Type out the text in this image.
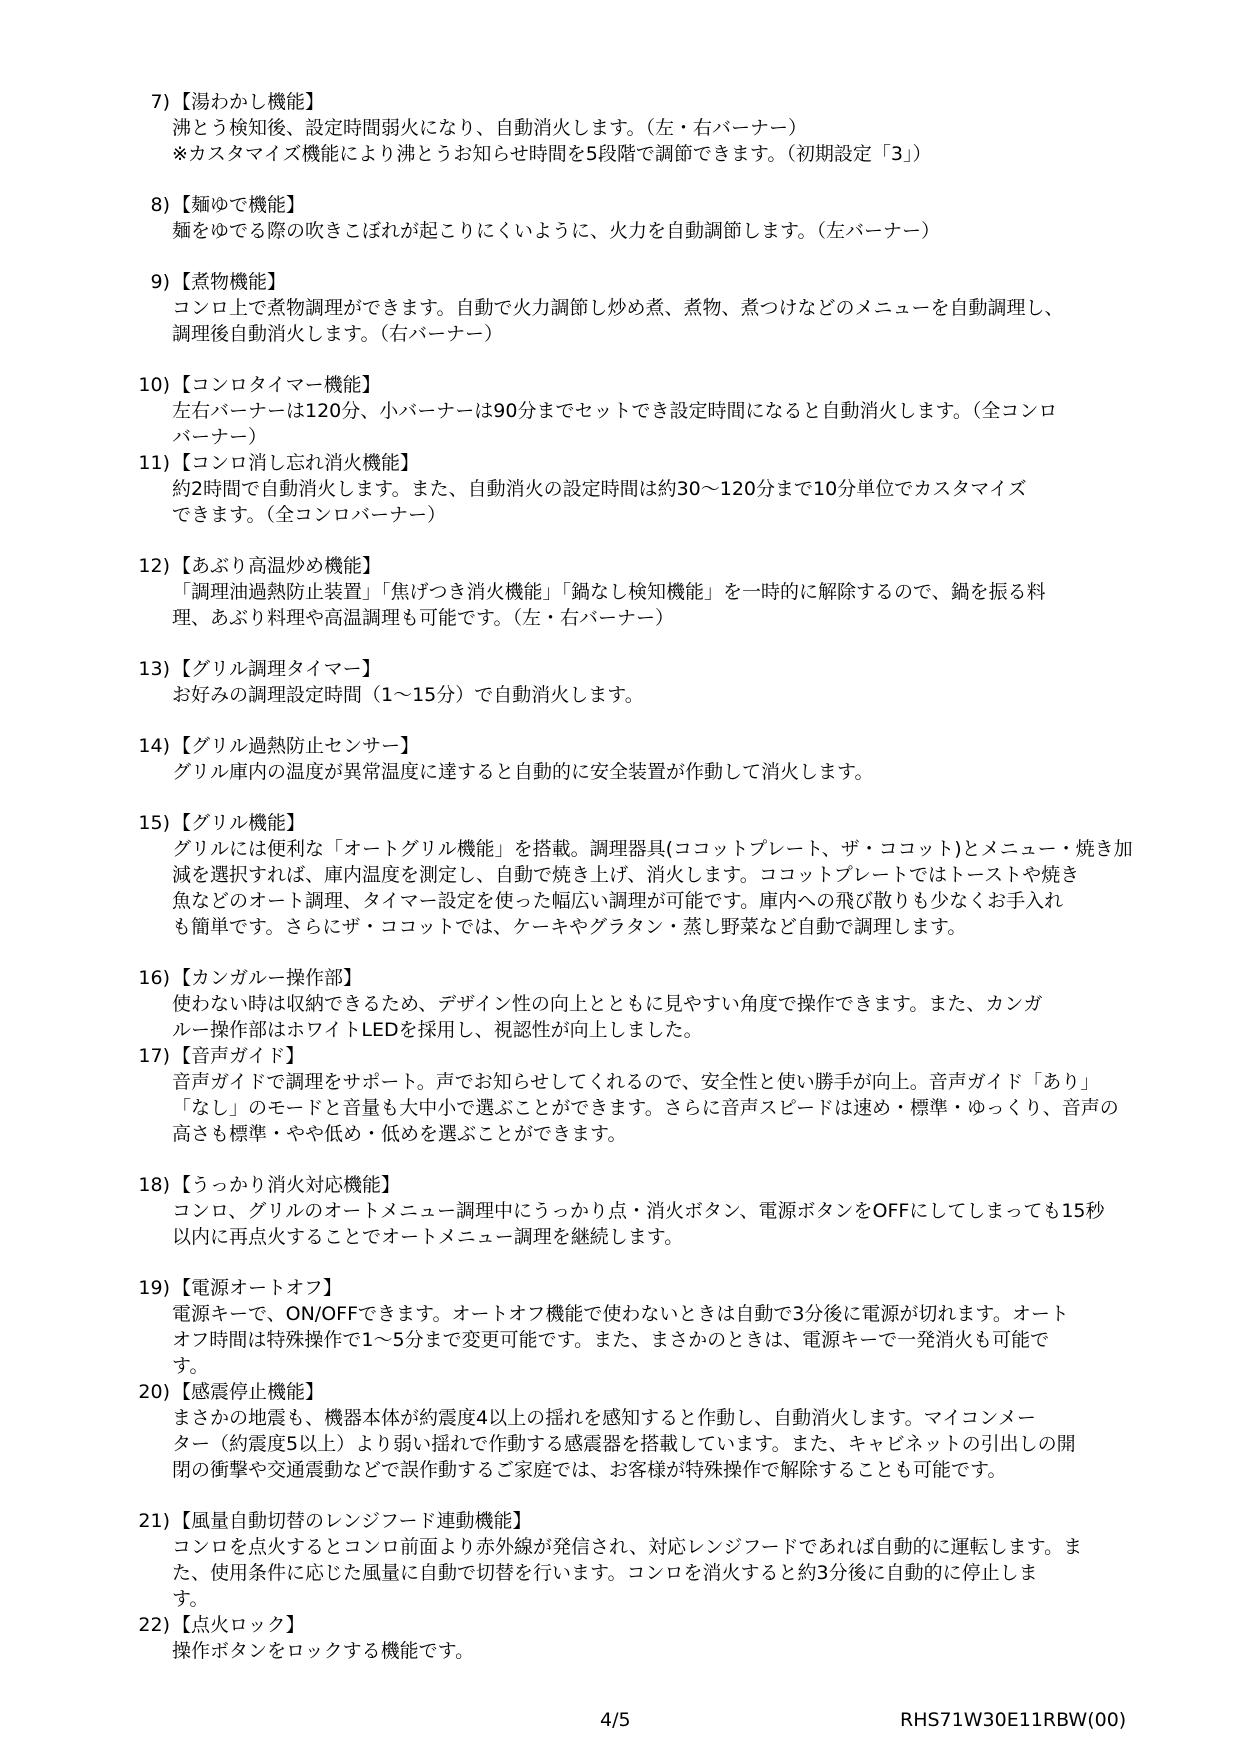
7) 【湯わかし機能】
沸とう検知後、設定時間弱火になり、自動消火します。（左・右バーナー）
※カスタマイズ機能により沸とうお知らせ時間を5段階で調節できます。（初期設定「3」）
8) 【麺ゆで機能】
麺をゆでる際の吹きこぼれが起こりにくいように、火力を自動調節します。（左バーナー）
9) 【煮物機能】
コンロ上で煮物調理ができます。自動で火力調節し炒め煮、煮物、煮つけなどのメニューを自動調理し、
調理後自動消火します。（右バーナー）
10) 【コンロタイマー機能】
左右バーナーは120分、小バーナーは90分までセットでき設定時間になると自動消火します。（全コンロ
バーナー）
11) 【コンロ消し忘れ消火機能】
約2時間で自動消火します。また、自動消火の設定時間は約30～120分まで10分単位でカスタマイズ
できます。（全コンロバーナー）
12) 【あぶり高温炒め機能】
「調理油過熱防止装置」「焦げつき消火機能」「鍋なし検知機能」を一時的に解除するので、鍋を振る料
理、あぶり料理や高温調理も可能です。（左・右バーナー）
13) 【グリル調理タイマー】
お好みの調理設定時間（1～15分）で自動消火します。
14) 【グリル過熱防止センサー】
グリル庫内の温度が異常温度に達すると自動的に安全装置が作動して消火します。
15) 【グリル機能】
グリルには便利な「オートグリル機能」を搭載。調理器具(ココットプレート、ザ・ココット)とメニュー・焼き加
減を選択すれば、庫内温度を測定し、自動で焼き上げ、消火します。ココットプレートではトーストや焼き
魚などのオート調理、タイマー設定を使った幅広い調理が可能です。庫内への飛び散りも少なくお手入れ
も簡単です。さらにザ・ココットでは、ケーキやグラタン・蒸し野菜など自動で調理します。
16) 【カンガルー操作部】
使わない時は収納できるため、デザイン性の向上とともに見やすい角度で操作できます。また、カンガ
ルー操作部はホワイトLEDを採用し、視認性が向上しました。
17) 【音声ガイド】
音声ガイドで調理をサポート。声でお知らせしてくれるので、安全性と使い勝手が向上。音声ガイド「あり」
「なし」のモードと音量も大中小で選ぶことができます。さらに音声スピードは速め・標準・ゆっくり、音声の
高さも標準・やや低め・低めを選ぶことができます。
18) 【うっかり消火対応機能】
コンロ、グリルのオートメニュー調理中にうっかり点・消火ボタン、電源ボタンをOFFにしてしまっても15秒
以内に再点火することでオートメニュー調理を継続します。
19) 【電源オートオフ】
電源キーで、ON/OFFできます。オートオフ機能で使わないときは自動で3分後に電源が切れます。オート
オフ時間は特殊操作で1～5分まで変更可能です。また、まさかのときは、電源キーで一発消火も可能で
す。
20) 【感震停止機能】
まさかの地震も、機器本体が約震度4以上の揺れを感知すると作動し、自動消火します。マイコンメー
ター（約震度5以上）より弱い揺れで作動する感震器を搭載しています。また、キャビネットの引出しの開
閉の衝撃や交通震動などで誤作動するご家庭では、お客様が特殊操作で解除することも可能です。
21) 【風量自動切替のレンジフード連動機能】
コンロを点火するとコンロ前面より赤外線が発信され、対応レンジフードであれば自動的に運転します。ま
た、使用条件に応じた風量に自動で切替を行います。コンロを消火すると約3分後に自動的に停止しま
す。
22) 【点火ロック】
操作ボタンをロックする機能です。
4/5	RHS71W30E11RBW(00)
